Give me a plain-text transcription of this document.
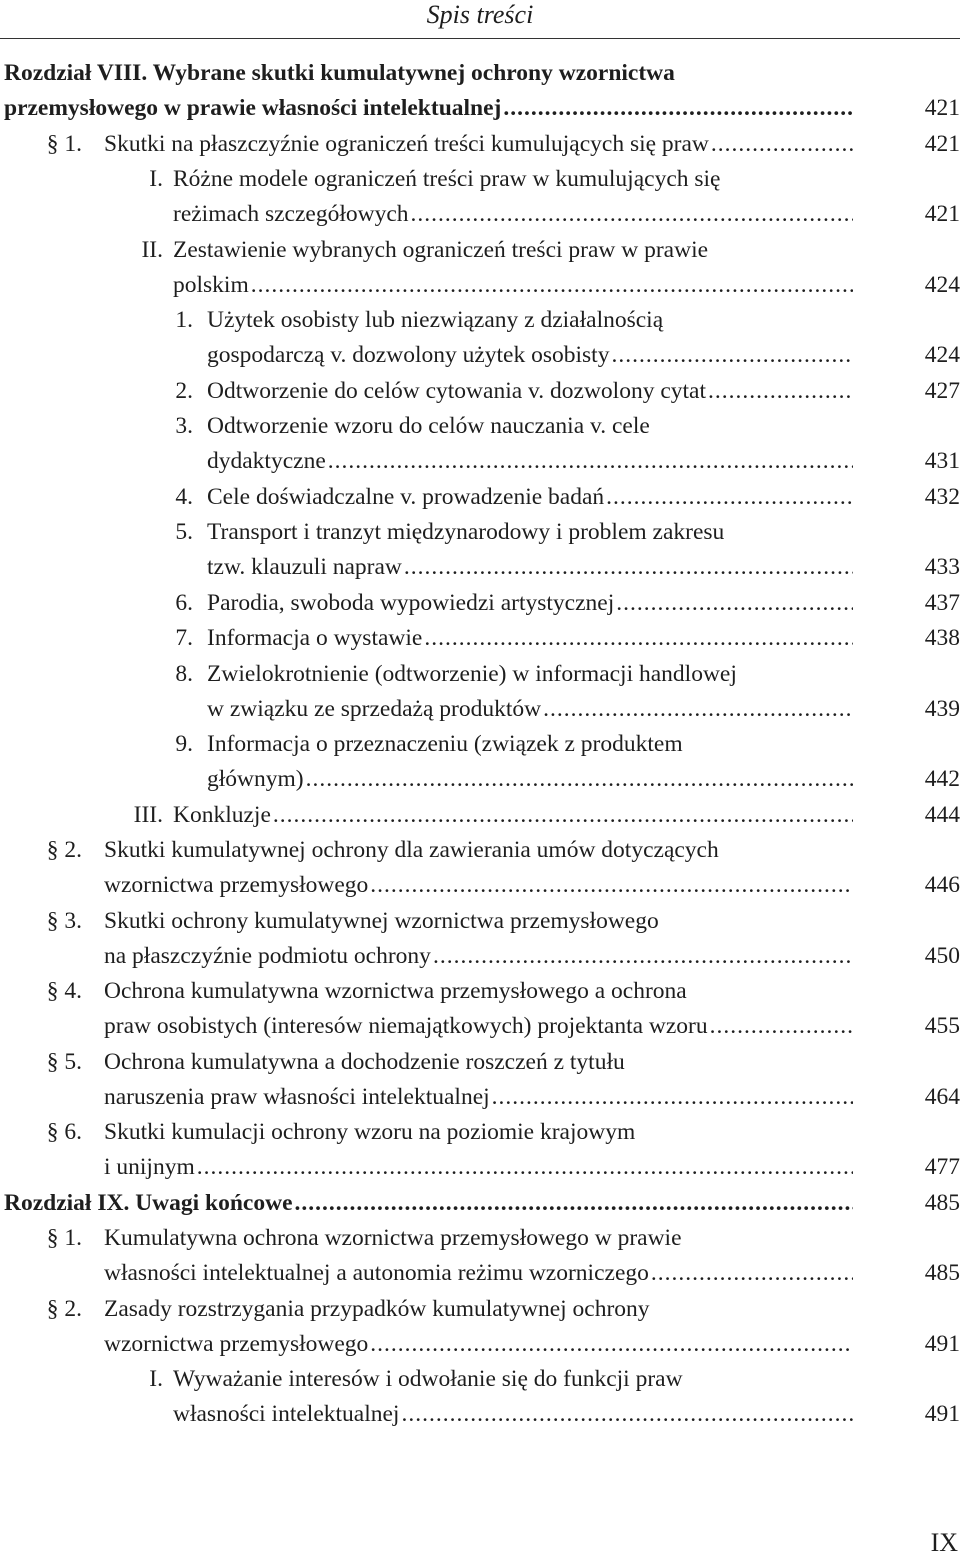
Spis treści
Rozdział VIII. Wybrane skutki kumulatywnej ochrony wzornictwa
przemysłowego w prawie własności intelektualnej .....	421
§ 1. Skutki na płaszczyźnie ograniczeń treści kumulujących się praw .....	421
I. Różne modele ograniczeń treści praw w kumulujących się
reżimach szczegółowych .....	421
II. Zestawienie wybranych ograniczeń treści praw w prawie
polskim .....	424
1. Użytek osobisty lub niezwiązany z działalnością
gospodarczą v. dozwolony użytek osobisty .....	424
2. Odtworzenie do celów cytowania v. dozwolony cytat .....	427
3. Odtworzenie wzoru do celów nauczania v. cele
dydaktyczne .....	431
4. Cele doświadczalne v. prowadzenie badań .....	432
5. Transport i tranzyt międzynarodowy i problem zakresu
tzw. klauzuli napraw .....	433
6. Parodia, swoboda wypowiedzi artystycznej .....	437
7. Informacja o wystawie .....	438
8. Zwielokrotnienie (odtworzenie) w informacji handlowej
w związku ze sprzedażą produktów .....	439
9. Informacja o przeznaczeniu (związek z produktem
głównym) .....	442
III. Konkluzje .....	444
§ 2. Skutki kumulatywnej ochrony dla zawierania umów dotyczących
wzornictwa przemysłowego .....	446
§ 3. Skutki ochrony kumulatywnej wzornictwa przemysłowego
na płaszczyźnie podmiotu ochrony .....	450
§ 4. Ochrona kumulatywna wzornictwa przemysłowego a ochrona
praw osobistych (interesów niemajątkowych) projektanta wzoru .....	455
§ 5. Ochrona kumulatywna a dochodzenie roszczeń z tytułu
naruszenia praw własności intelektualnej .....	464
§ 6. Skutki kumulacji ochrony wzoru na poziomie krajowym
i unijnym .....	477
Rozdział IX. Uwagi końcowe .....	485
§ 1. Kumulatywna ochrona wzornictwa przemysłowego w prawie
własności intelektualnej a autonomia reżimu wzorniczego .....	485
§ 2. Zasady rozstrzygania przypadków kumulatywnej ochrony
wzornictwa przemysłowego .....	491
I. Wyważanie interesów i odwołanie się do funkcji praw
własności intelektualnej .....	491
IX
